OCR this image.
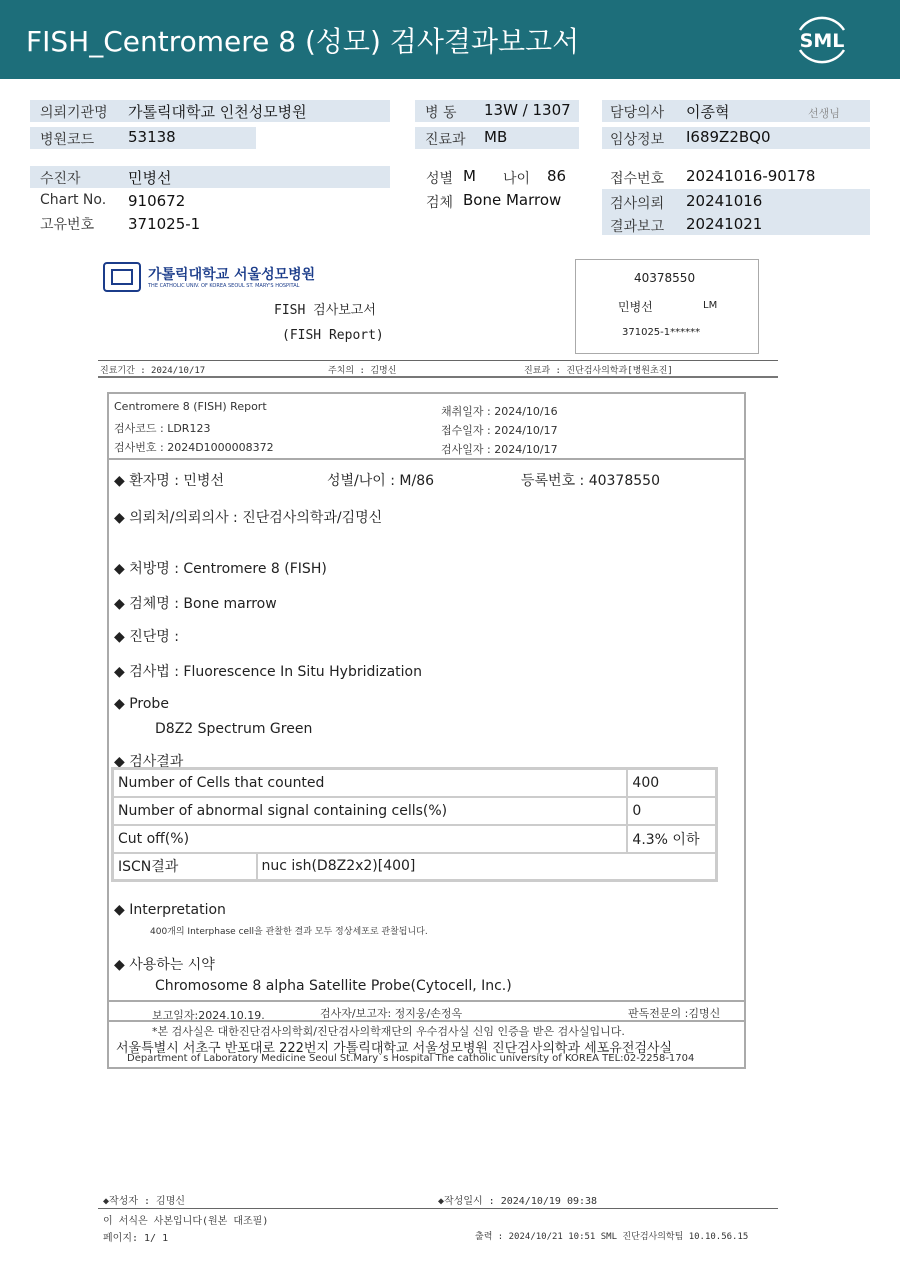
FISH_Centromere 8 (성모) 검사결과보고서	SML
의뢰기관명 가톨릭대학교 인천성모병원
병원코드 53138
병 동 13W / 1307
진료과 MB
담당의사 이종혁	선생님
임상정보 I689Z2BQ0
수진자	민병선
Chart No. 910672
고유번호 371025-1
성별 M 나이 86
검체 Bone Marrow
접수번호 20241016-90178
검사의뢰 20241016
결과보고 20241021
가톨릭대학교 서울성모병원
THE CATHOLIC UNIV. OF KOREA SEOUL ST. MARY'S HOSPITAL
FISH 검사보고서
(FISH Report)
40378550
민병선	LM
371025-1******
진료기간 : 2024/10/17	주치의 : 김명신	진료과 : 진단검사의학과[병원초진]
Centromere 8 (FISH) Report
검사코드 : LDR123
검사번호 : 2024D1000008372
채취일자 : 2024/10/16
접수일자 : 2024/10/17
검사일자 : 2024/10/17
◆ 환자명 : 민병선	성별/나이 : M/86	등록번호 : 40378550
◆ 의뢰처/의뢰의사 : 진단검사의학과/김명신
◆ 처방명 : Centromere 8 (FISH)
◆ 검체명 : Bone marrow
◆ 진단명 :
◆ 검사법 : Fluorescence In Situ Hybridization
◆ Probe
D8Z2 Spectrum Green
◆ 검사결과
Number of Cells that counted		400
Number of abnormal signal containing cells(%)		0
Cut off(%)		4.3% 이하
ISCN결과	nuc ish(D8Z2x2)[400]	
◆ Interpretation
400개의 Interphase cell을 관찰한 결과 모두 정상세포로 관찰됩니다.
◆ 사용하는 시약
Chromosome 8 alpha Satellite Probe(Cytocell, Inc.)
보고일자:2024.10.19.	검사자/보고자: 정지웅/손정옥	판독전문의 :김명신
*본 검사실은 대한진단검사의학회/진단검사의학재단의 우수검사실 신임 인증을 받은 검사실입니다.
서울특별시 서초구 반포대로 222번지 가톨릭대학교 서울성모병원 진단검사의학과 세포유전검사실
Department of Laboratory Medicine Seoul St.Mary`s Hospital The catholic university of KOREA TEL:02-2258-1704
◆작성자 : 김명신	◆작성일시 : 2024/10/19 09:38
이 서식은 사본입니다(원본 대조필)
페이지: 1/ 1	출력 : 2024/10/21 10:51 SML 진단검사의학팀 10.10.56.15
